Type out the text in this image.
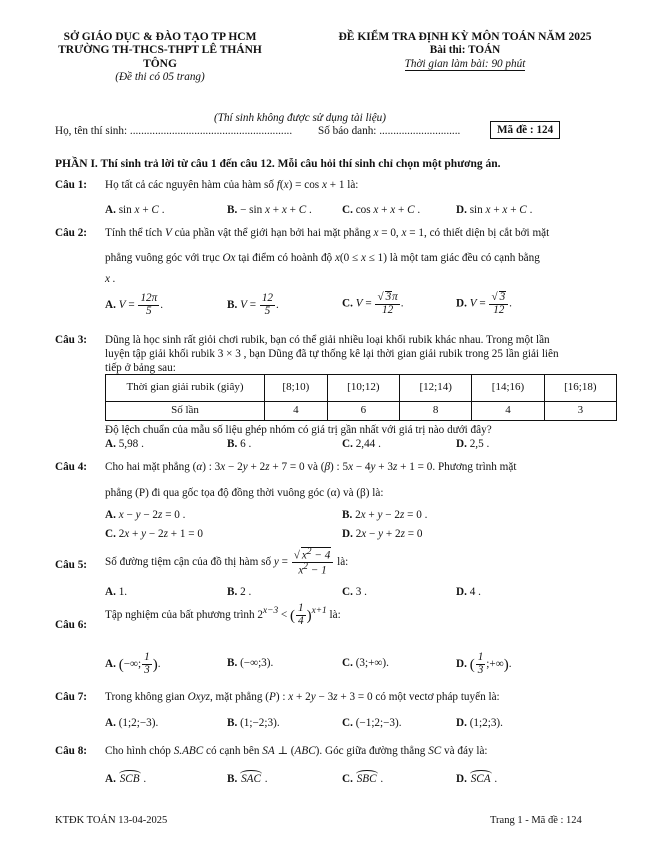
SỞ GIÁO DỤC & ĐÀO TẠO TP HCM
TRƯỜNG TH-THCS-THPT LÊ THÁNH TÔNG
(Đề thi có 05 trang)
ĐỀ KIỂM TRA ĐỊNH KỲ MÔN TOÁN NĂM 2025
Bài thi: TOÁN
Thời gian làm bài: 90 phút
(Thí sinh không được sử dụng tài liệu)
Họ, tên thí sinh: .......................................................... Số báo danh: .............................	Mã đề : 124
PHẦN I. Thí sinh trả lời từ câu 1 đến câu 12. Mỗi câu hỏi thí sinh chỉ chọn một phương án.
Câu 1: Họ tất cả các nguyên hàm của hàm số f(x) = cos x + 1 là:
A. sin x + C .	B. − sin x + x + C .	C. cos x + x + C .	D. sin x + x + C .
Câu 2: Tính thể tích V của phần vật thể giới hạn bởi hai mặt phẳng x = 0, x = 1, có thiết diện bị cắt bởi mặt
phẳng vuông góc với trục Ox tại điểm có hoành độ x(0 ≤ x ≤ 1) là một tam giác đều có cạnh bằng
x .
A. $V = \frac{12\pi}{5}$ .	B. $V = \frac{12}{5}$ .	C. $V = \frac{√ 3\pi}{12}$ .	D. $V = \frac{√ 3}{12}$ .
Câu 3: Dũng là học sinh rất giỏi chơi rubik, bạn có thể giải nhiều loại khối rubik khác nhau. Trong một lần
luyện tập giải khối rubik 3 × 3 , bạn Dũng đã tự thống kê lại thời gian giải rubik trong 25 lần giải liên
tiếp ở bảng sau:
Thời gian giải rubik (giây)	[8;10)	[10;12)	[12;14)	[14;16)	[16;18)
Số lần	4	6	8	4	3
Độ lệch chuẩn của mẫu số liệu ghép nhóm có giá trị gần nhất với giá trị nào dưới đây?
A. 5,98 .	B. 6 .	C. 2,44 .	D. 2,5 .
Câu 4: Cho hai mặt phẳng (α) : 3x − 2y + 2z + 7 = 0 và (β) : 5x − 4y + 3z + 1 = 0. Phương trình mặt
phẳng (P) đi qua gốc tọa độ đồng thời vuông góc (α) và (β) là:
A. x − y − 2z = 0 .	B. 2x + y − 2z = 0 .
C. 2x + y − 2z + 1 = 0	D. 2x − y + 2z = 0
Câu 5: Số đường tiệm cận của đồ thị hàm số $y = \frac{√ x^2 - 4}{x^2 - 1}$ là:
A. 1.	B. 2 .	C. 3 .	D. 4 .
Câu 6:
Tập nghiệm của bất phương trình $2^{x-3}$ < ( $\frac{1}{4} )^{x+1}$ là:
A. (−∞; $\frac{1}{3}$ ).	B. (−∞;3).	C. (3;+∞).	D. ( $\frac{1}{3}$ ;+∞).
Câu 7: Trong không gian Oxyz, mặt phẳng (P) : x + 2y − 3z + 3 = 0 có một vectơ pháp tuyến là:
A. (1;2;−3).	B. (1;−2;3).	C. (−1;2;−3).	D. (1;2;3).
Câu 8: Cho hình chóp S.ABC có cạnh bên SA ⊥ (ABC). Góc giữa đường thẳng SC và đáy là:
A. SCB .	B. SAC .	C. SBC .	D. SCA .
KTĐK TOÁN 13-04-2025	Trang 1 - Mã đề : 124
